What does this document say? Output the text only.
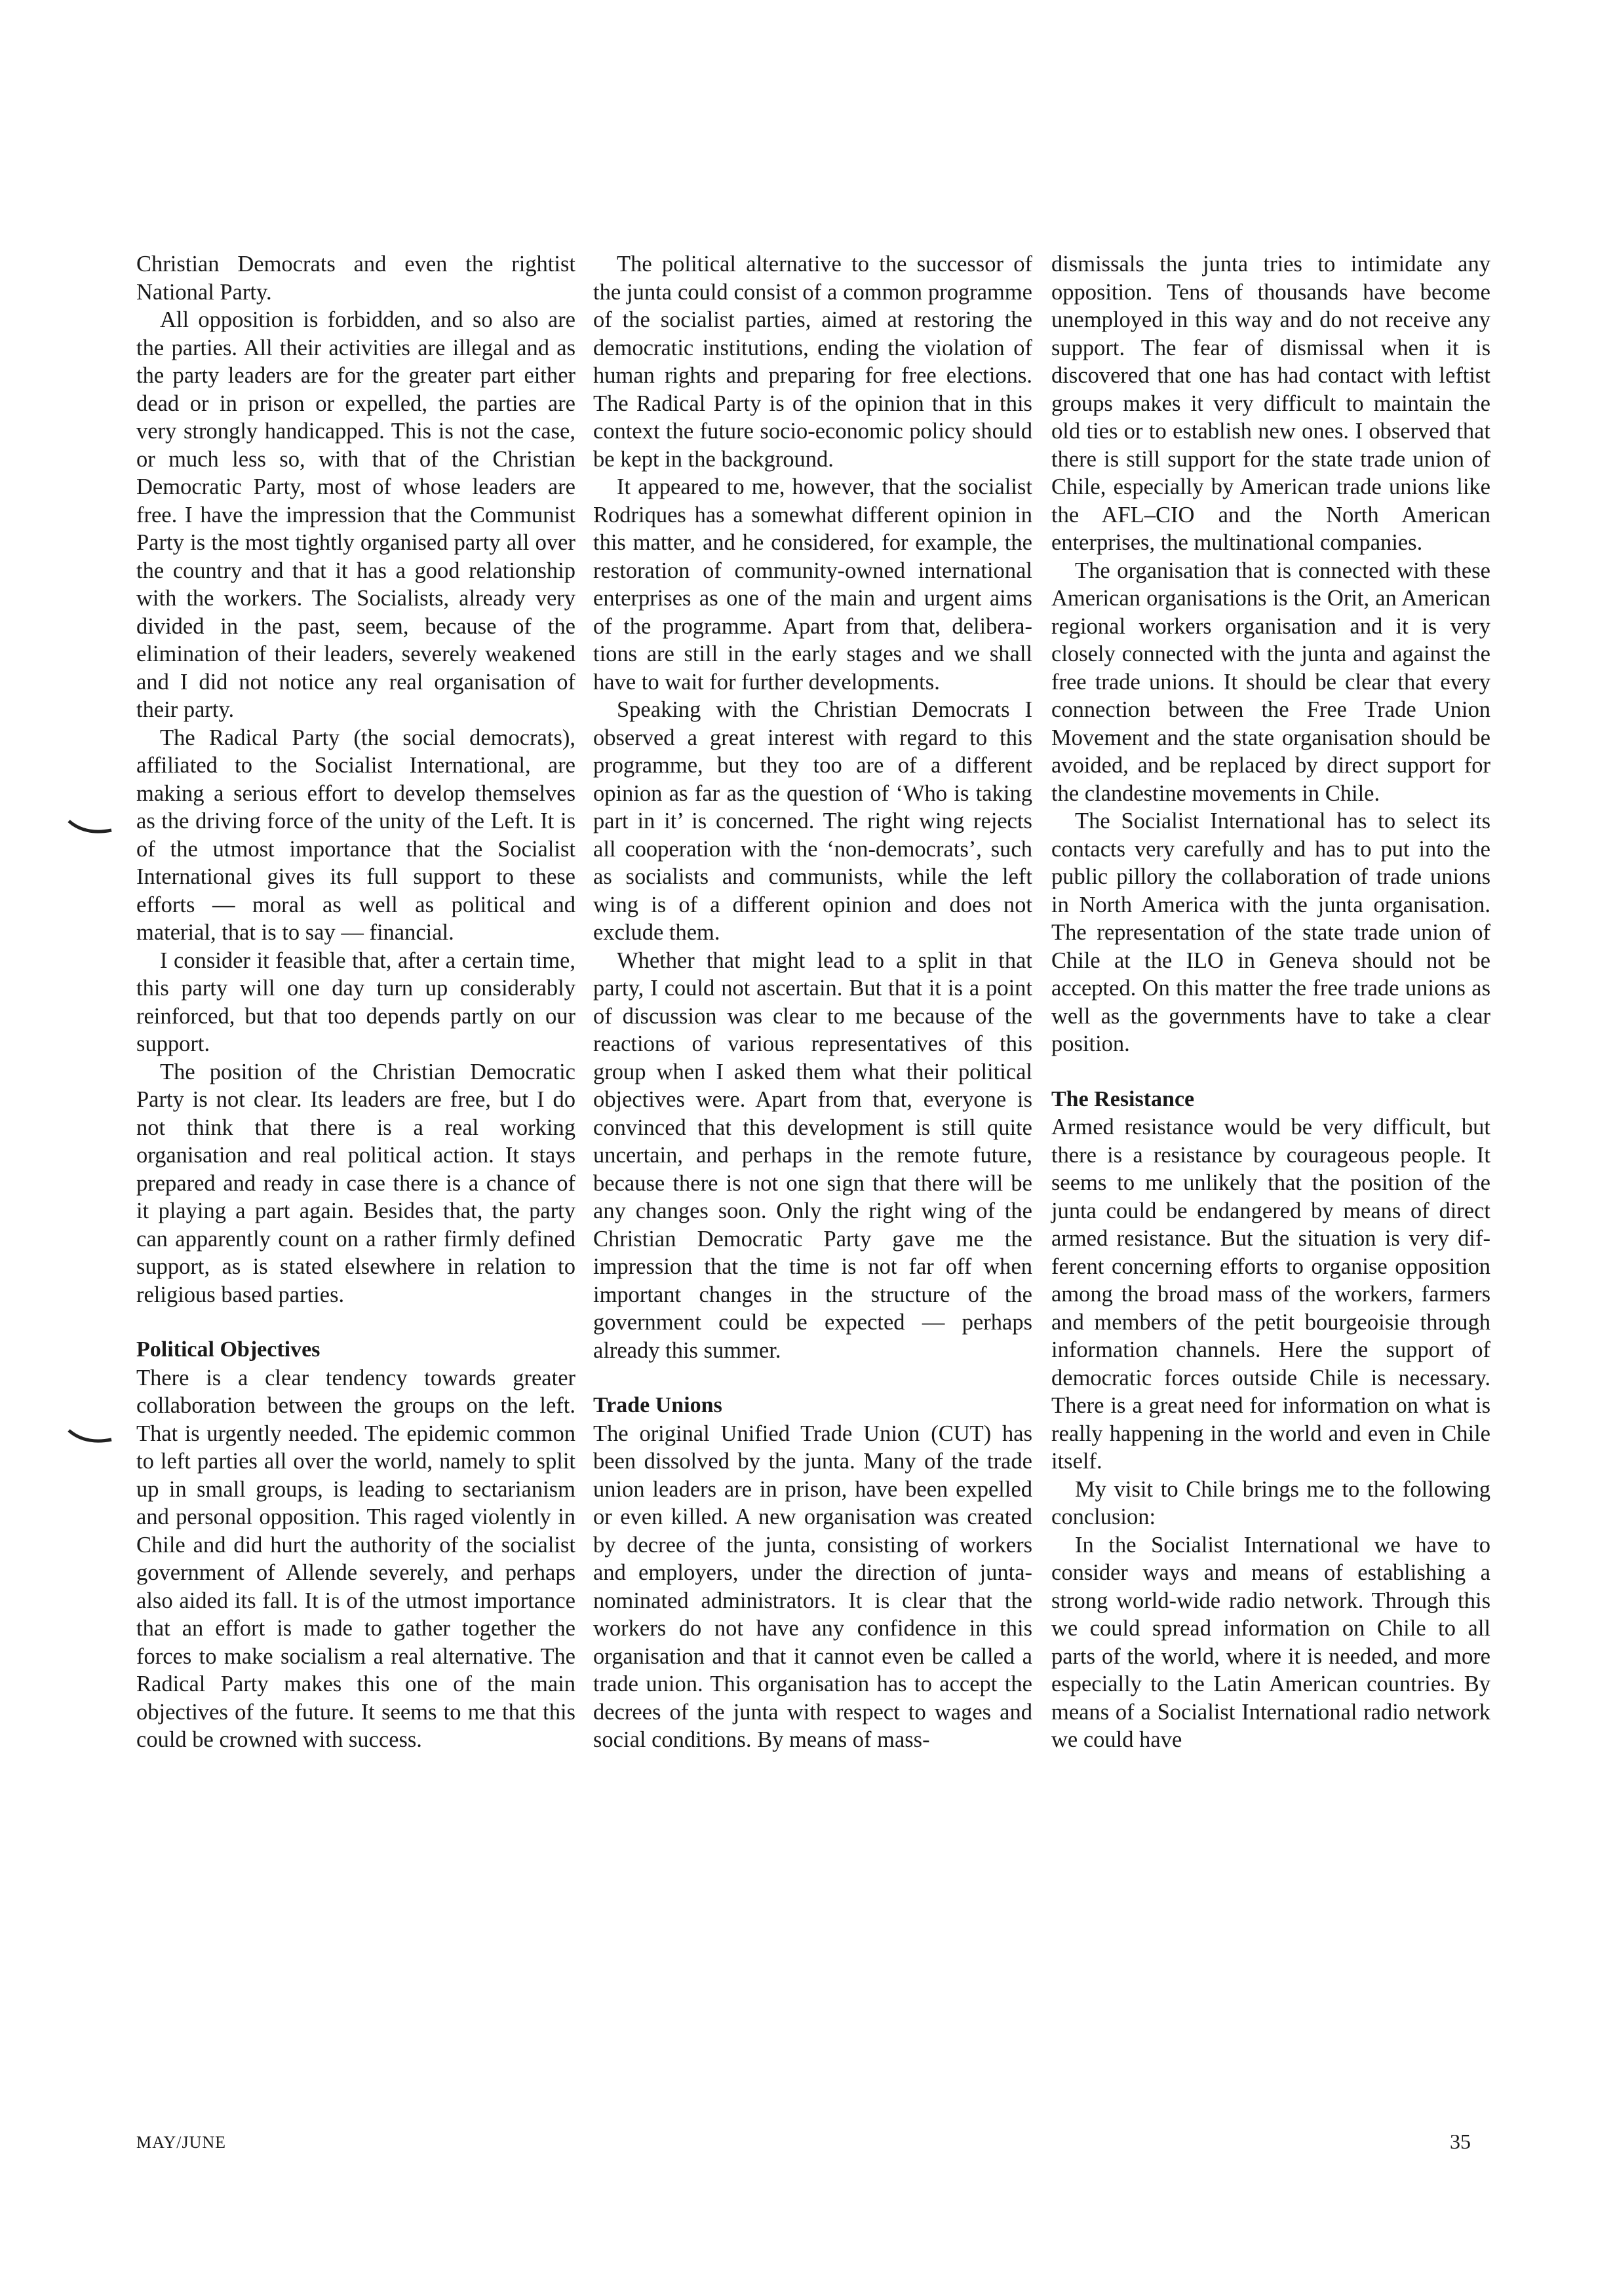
Christian Democrats and even the rightist National Party.

All opposition is forbidden, and so also are the parties. All their activities are illegal and as the party leaders are for the greater part either dead or in prison or expelled, the parties are very strongly handicapped. This is not the case, or much less so, with that of the Christian Democratic Party, most of whose leaders are free. I have the impression that the Communist Party is the most tightly organised party all over the country and that it has a good relationship with the workers. The Socialists, already very divided in the past, seem, because of the elimination of their leaders, severely weakened and I did not notice any real organisation of their party.

The Radical Party (the social democrats), affiliated to the Socialist International, are making a serious effort to develop themselves as the driving force of the unity of the Left. It is of the utmost importance that the Socialist International gives its full support to these efforts — moral as well as political and material, that is to say — financial.

I consider it feasible that, after a certain time, this party will one day turn up considerably reinforced, but that too depends partly on our support.

The position of the Christian Democratic Party is not clear. Its leaders are free, but I do not think that there is a real working organisation and real political action. It stays prepared and ready in case there is a chance of it playing a part again. Besides that, the party can apparently count on a rather firmly defined support, as is stated elsewhere in relation to religious based parties.

Political Objectives

There is a clear tendency towards greater collaboration between the groups on the left. That is urgently needed. The epidemic common to left parties all over the world, namely to split up in small groups, is leading to sectarianism and personal opposition. This raged violently in Chile and did hurt the authority of the socialist government of Allende severely, and perhaps also aided its fall. It is of the utmost importance that an effort is made to gather together the forces to make socialism a real alternative. The Radical Party makes this one of the main objectives of the future. It seems to me that this could be crowned with success.

The political alternative to the successor of the junta could consist of a common programme of the socialist parties, aimed at restoring the democratic institutions, ending the violation of human rights and preparing for free elections. The Radical Party is of the opinion that in this context the future socio-economic policy should be kept in the background.

It appeared to me, however, that the socialist Rodriques has a somewhat different opinion in this matter, and he considered, for example, the restoration of community-owned international enterprises as one of the main and urgent aims of the programme. Apart from that, deliberations are still in the early stages and we shall have to wait for further developments.

Speaking with the Christian Democrats I observed a great interest with regard to this programme, but they too are of a different opinion as far as the question of ‘Who is taking part in it’ is concerned. The right wing rejects all cooperation with the ‘non-democrats’, such as socialists and communists, while the left wing is of a different opinion and does not exclude them.

Whether that might lead to a split in that party, I could not ascertain. But that it is a point of discussion was clear to me because of the reactions of various representatives of this group when I asked them what their political objectives were. Apart from that, everyone is convinced that this development is still quite uncertain, and perhaps in the remote future, because there is not one sign that there will be any changes soon. Only the right wing of the Christian Democratic Party gave me the impression that the time is not far off when important changes in the structure of the government could be expected — perhaps already this summer.

Trade Unions

The original Unified Trade Union (CUT) has been dissolved by the junta. Many of the trade union leaders are in prison, have been expelled or even killed. A new organisation was created by decree of the junta, consisting of workers and employers, under the direction of junta-nominated administrators. It is clear that the workers do not have any confidence in this organisation and that it cannot even be called a trade union. This organisation has to accept the decrees of the junta with respect to wages and social conditions. By means of mass-

dismissals the junta tries to intimidate any opposition. Tens of thousands have become unemployed in this way and do not receive any support. The fear of dismissal when it is discovered that one has had contact with leftist groups makes it very difficult to maintain the old ties or to establish new ones. I observed that there is still support for the state trade union of Chile, especially by American trade unions like the AFL–CIO and the North American enterprises, the multinational companies.

The organisation that is connected with these American organisations is the Orit, an American regional workers organisation and it is very closely connected with the junta and against the free trade unions. It should be clear that every connection between the Free Trade Union Movement and the state organisation should be avoided, and be replaced by direct support for the clandestine movements in Chile.

The Socialist International has to select its contacts very carefully and has to put into the public pillory the collaboration of trade unions in North America with the junta organisation. The representation of the state trade union of Chile at the ILO in Geneva should not be accepted. On this matter the free trade unions as well as the governments have to take a clear position.

The Resistance

Armed resistance would be very difficult, but there is a resistance by courageous people. It seems to me unlikely that the position of the junta could be endangered by means of direct armed resistance. But the situation is very different concerning efforts to organise opposition among the broad mass of the workers, farmers and members of the petit bourgeoisie through information channels. Here the support of democratic forces outside Chile is necessary. There is a great need for information on what is really happening in the world and even in Chile itself.

My visit to Chile brings me to the following conclusion:

In the Socialist International we have to consider ways and means of establishing a strong world-wide radio network. Through this we could spread information on Chile to all parts of the world, where it is needed, and more especially to the Latin American countries. By means of a Socialist International radio network we could have

MAY/JUNE	35
